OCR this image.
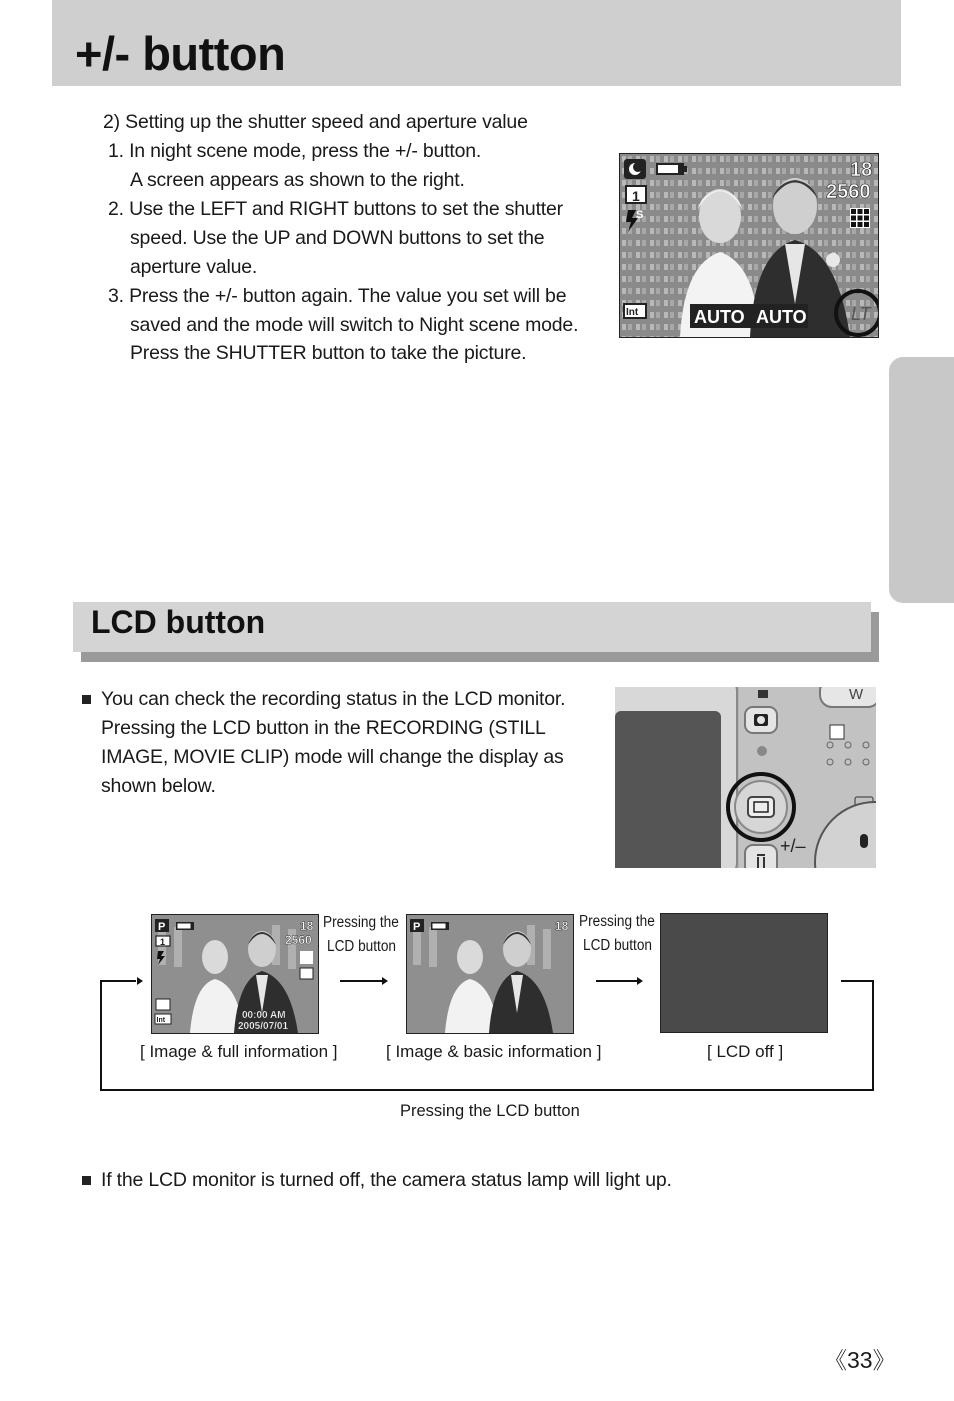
+/- button
2) Setting up the shutter speed and aperture value
1. In night scene mode, press the +/- button.
A screen appears as shown to the right.
2. Use the LEFT and RIGHT buttons to set the shutter
speed. Use the UP and DOWN buttons to set the
aperture value.
3. Press the +/- button again. The value you set will be
saved and the mode will switch to Night scene mode.
Press the SHUTTER button to take the picture.
LT
18
2560
1
S
Int	AUTO AUTO
LCD button
You can check the recording status in the LCD monitor.
Pressing the LCD button in the RECORDING (STILL
IMAGE, MOVIE CLIP) mode will change the display as
shown below.
W
+/–
P	18
2560
1
Int	00:00 AM
2005/07/01
P	18
Pressing the
LCD button
Pressing the
LCD button
[ Image & full information ]	[ Image & basic information ]	[ LCD off ]
Pressing the LCD button
If the LCD monitor is turned off, the camera status lamp will light up.
《33》
